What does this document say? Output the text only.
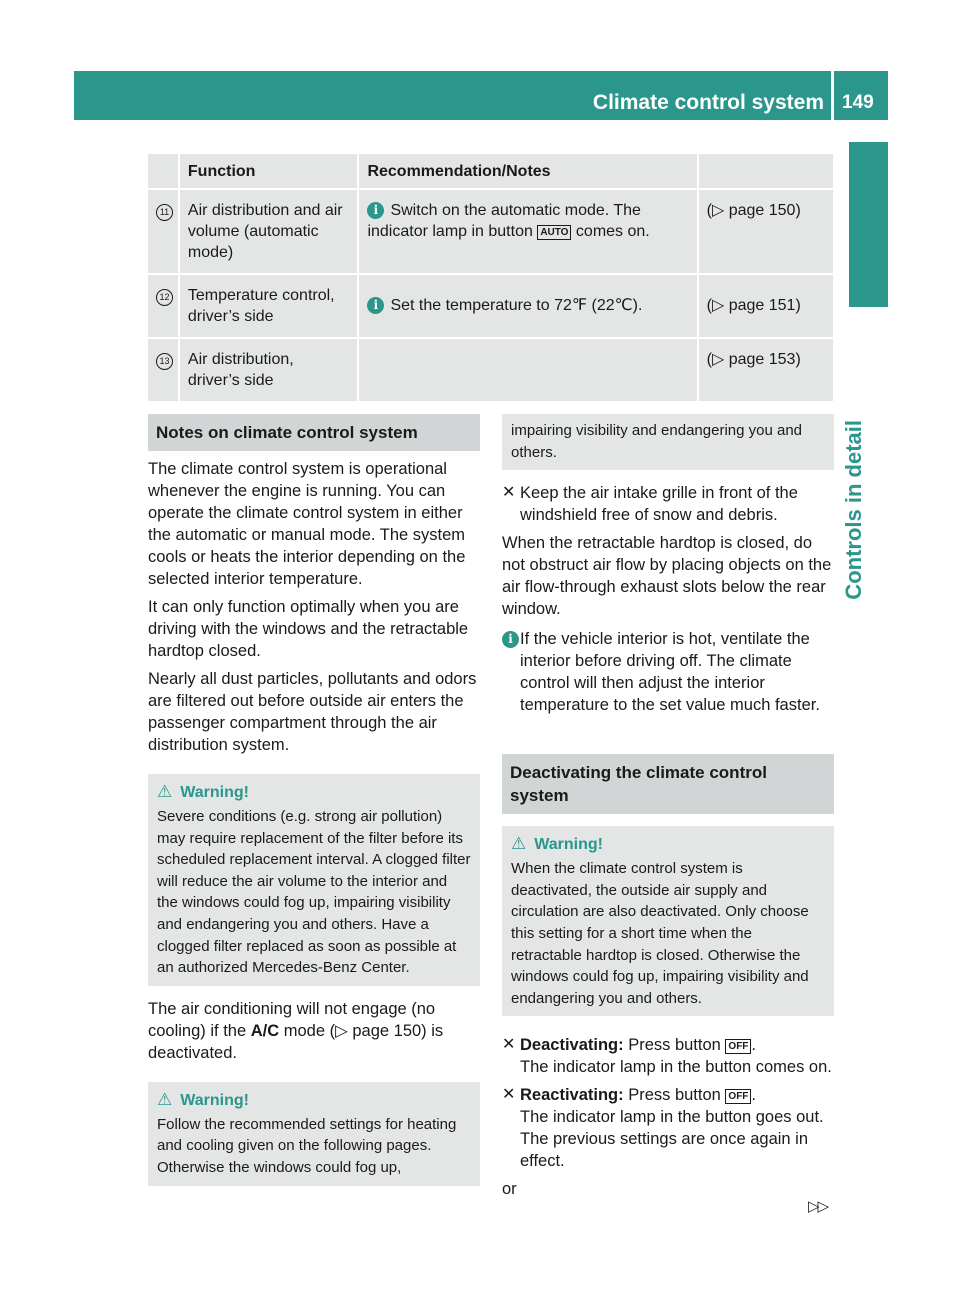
Climate control system 149
Controls in detail
	Function	Recommendation/Notes	
11	Air distribution and air volume (automatic mode)	i Switch on the automatic mode. The indicator lamp in button AUTO comes on.	(▷ page 150)
12	Temperature control, driver’s side	i Set the temperature to 72℉ (22℃).	(▷ page 151)
13	Air distribution, driver’s side		(▷ page 153)
Notes on climate control system

The climate control system is operational whenever the engine is running. You can operate the climate control system in either the automatic or manual mode. The system cools or heats the interior depending on the selected interior temperature.

It can only function optimally when you are driving with the windows and the retractable hardtop closed.

Nearly all dust particles, pollutants and odors are filtered out before outside air enters the passenger compartment through the air distribution system.

⚠ Warning!
Severe conditions (e.g. strong air pollution) may require replacement of the filter before its scheduled replacement interval. A clogged filter will reduce the air volume to the interior and the windows could fog up, impairing visibility and endangering you and others. Have a clogged filter replaced as soon as possible at an authorized Mercedes-Benz Center.

The air conditioning will not engage (no cooling) if the A/C mode (▷ page 150) is deactivated.

⚠ Warning!
Follow the recommended settings for heating and cooling given on the following pages. Otherwise the windows could fog up,
impairing visibility and endangering you and others.
✕ Keep the air intake grille in front of the windshield free of snow and debris.

When the retractable hardtop is closed, do not obstruct air flow by placing objects on the air flow-through exhaust slots below the rear window.

i If the vehicle interior is hot, ventilate the interior before driving off. The climate control will then adjust the interior temperature to the set value much faster.
Deactivating the climate control system
⚠ Warning!
When the climate control system is deactivated, the outside air supply and circulation are also deactivated. Only choose this setting for a short time when the retractable hardtop is closed. Otherwise the windows could fog up, impairing visibility and endangering you and others.
✕ Deactivating: Press button OFF .
The indicator lamp in the button comes on.
✕ Reactivating: Press button OFF .
The indicator lamp in the button goes out. The previous settings are once again in effect.

or

▷▷
